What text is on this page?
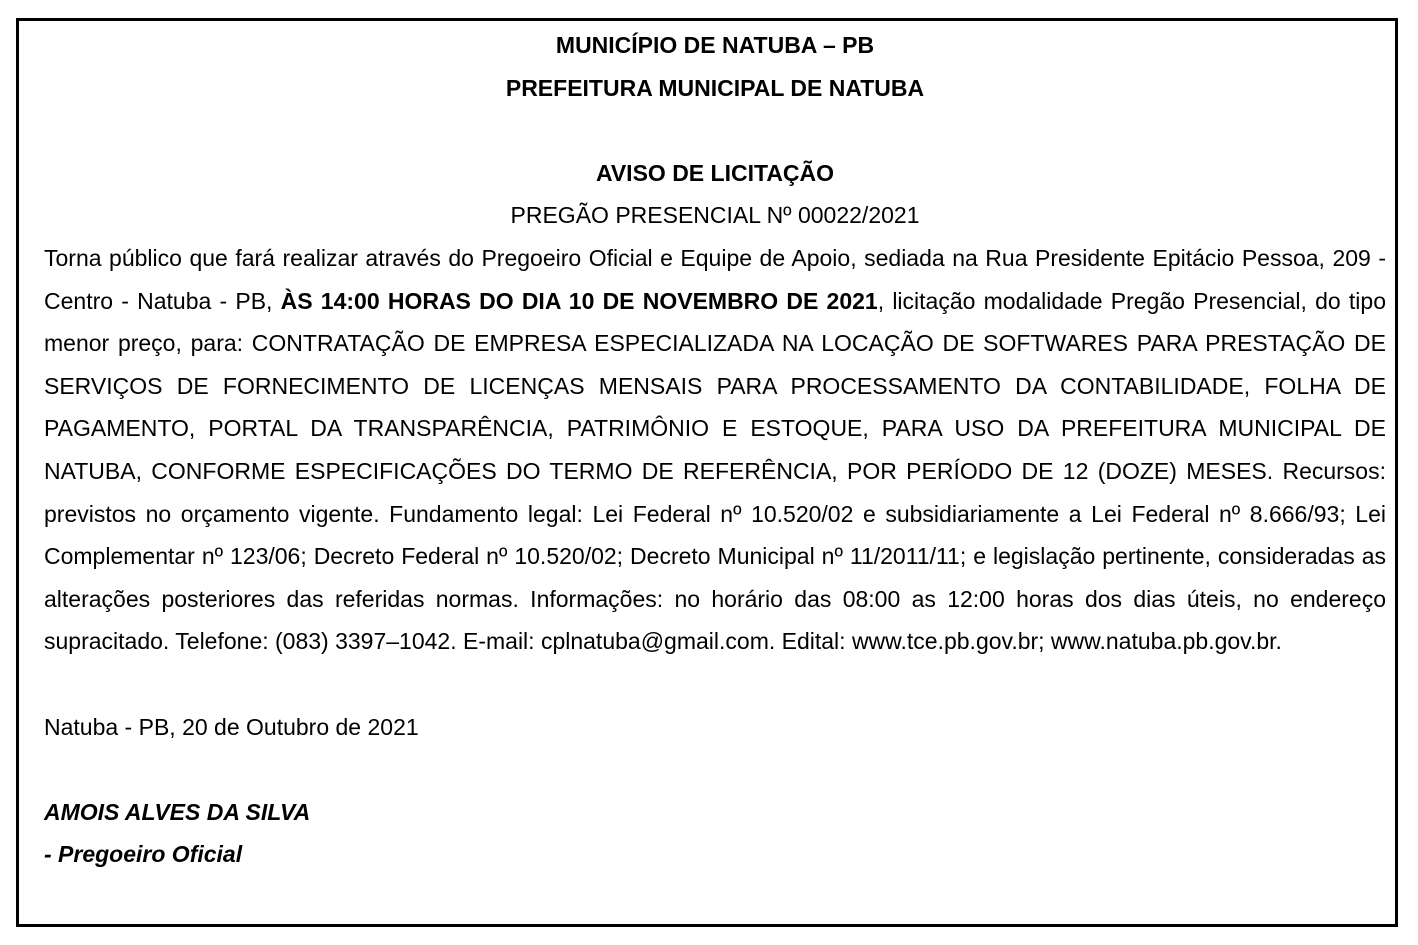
MUNICÍPIO DE NATUBA – PB

PREFEITURA MUNICIPAL DE NATUBA

AVISO DE LICITAÇÃO

PREGÃO PRESENCIAL Nº 00022/2021

Torna público que fará realizar através do Pregoeiro Oficial e Equipe de Apoio, sediada na Rua Presidente Epitácio Pessoa, 209 - Centro - Natuba - PB, ÀS 14:00 HORAS DO DIA 10 DE NOVEMBRO DE 2021, licitação modalidade Pregão Presencial, do tipo menor preço, para: CONTRATAÇÃO DE EMPRESA ESPECIALIZADA NA LOCAÇÃO DE SOFTWARES PARA PRESTAÇÃO DE SERVIÇOS DE FORNECIMENTO DE LICENÇAS MENSAIS PARA PROCESSAMENTO DA CONTABILIDADE, FOLHA DE PAGAMENTO, PORTAL DA TRANSPARÊNCIA, PATRIMÔNIO E ESTOQUE, PARA USO DA PREFEITURA MUNICIPAL DE NATUBA, CONFORME ESPECIFICAÇÕES DO TERMO DE REFERÊNCIA, POR PERÍODO DE 12 (DOZE) MESES. Recursos: previstos no orçamento vigente. Fundamento legal: Lei Federal nº 10.520/02 e subsidiariamente a Lei Federal nº 8.666/93; Lei Complementar nº 123/06; Decreto Federal nº 10.520/02; Decreto Municipal nº 11/2011/11; e legislação pertinente, consideradas as alterações posteriores das referidas normas. Informações: no horário das 08:00 as 12:00 horas dos dias úteis, no endereço supracitado. Telefone: (083) 3397–1042. E-mail: cplnatuba@gmail.com. Edital: www.tce.pb.gov.br; www.natuba.pb.gov.br.

Natuba - PB, 20 de Outubro de 2021

AMOIS ALVES DA SILVA

- Pregoeiro Oficial
